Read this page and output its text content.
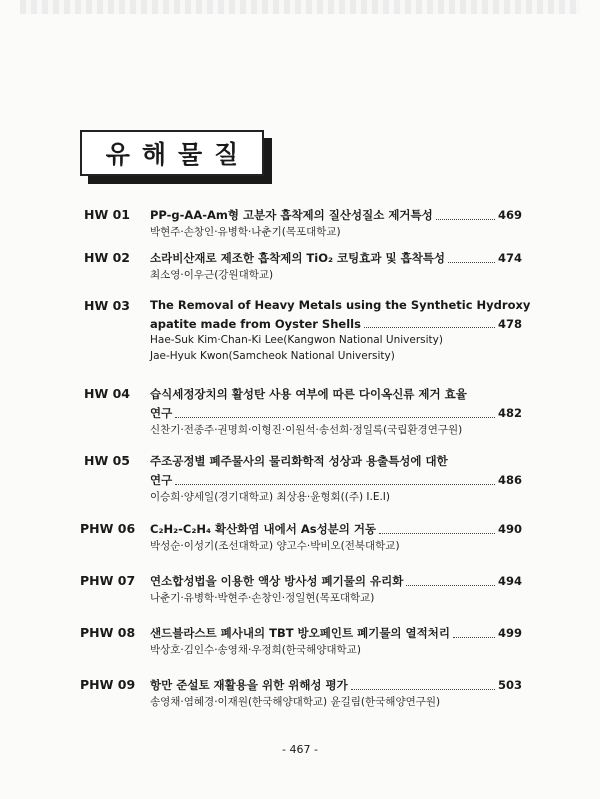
유해물질
HW 01	PP-g-AA-Am형 고분자 흡착제의 질산성질소 제거특성	469
박현주·손창인·유병학·나춘기(목포대학교)
HW 02	소라비산재로 제조한 흡착제의 TiO₂ 코팅효과 및 흡착특성	474
최소영·이우근(강원대학교)
HW 03	The Removal of Heavy Metals using the Synthetic Hydroxy
apatite made from Oyster Shells	478
Hae-Suk Kim·Chan-Ki Lee(Kangwon National University)
Jae-Hyuk Kwon(Samcheok National University)
HW 04	습식세정장치의 활성탄 사용 여부에 따른 다이옥신류 제거 효율
연구	482
신찬기·전종주·권명희·이형진·이원석·송선희·정일록(국립환경연구원)
HW 05	주조공정별 폐주물사의 물리화학적 성상과 용출특성에 대한
연구	486
이승희·양세일(경기대학교) 최상용·윤형회((주) I.E.I)
PHW 06	C₂H₂-C₂H₄ 확산화염 내에서 As성분의 거동	490
박성순·이성기(조선대학교) 양고수·박비오(전북대학교)
PHW 07	연소합성법을 이용한 액상 방사성 폐기물의 유리화	494
나춘기·유병학·박현주·손창인·정일현(목포대학교)
PHW 08	샌드블라스트 폐사내의 TBT 방오페인트 폐기물의 열적처리	499
박상호·김인수·송영채·우정희(한국해양대학교)
PHW 09	항만 준설토 재활용을 위한 위해성 평가	503
송영채·염혜경·이재원(한국해양대학교) 윤길림(한국해양연구원)
- 467 -
